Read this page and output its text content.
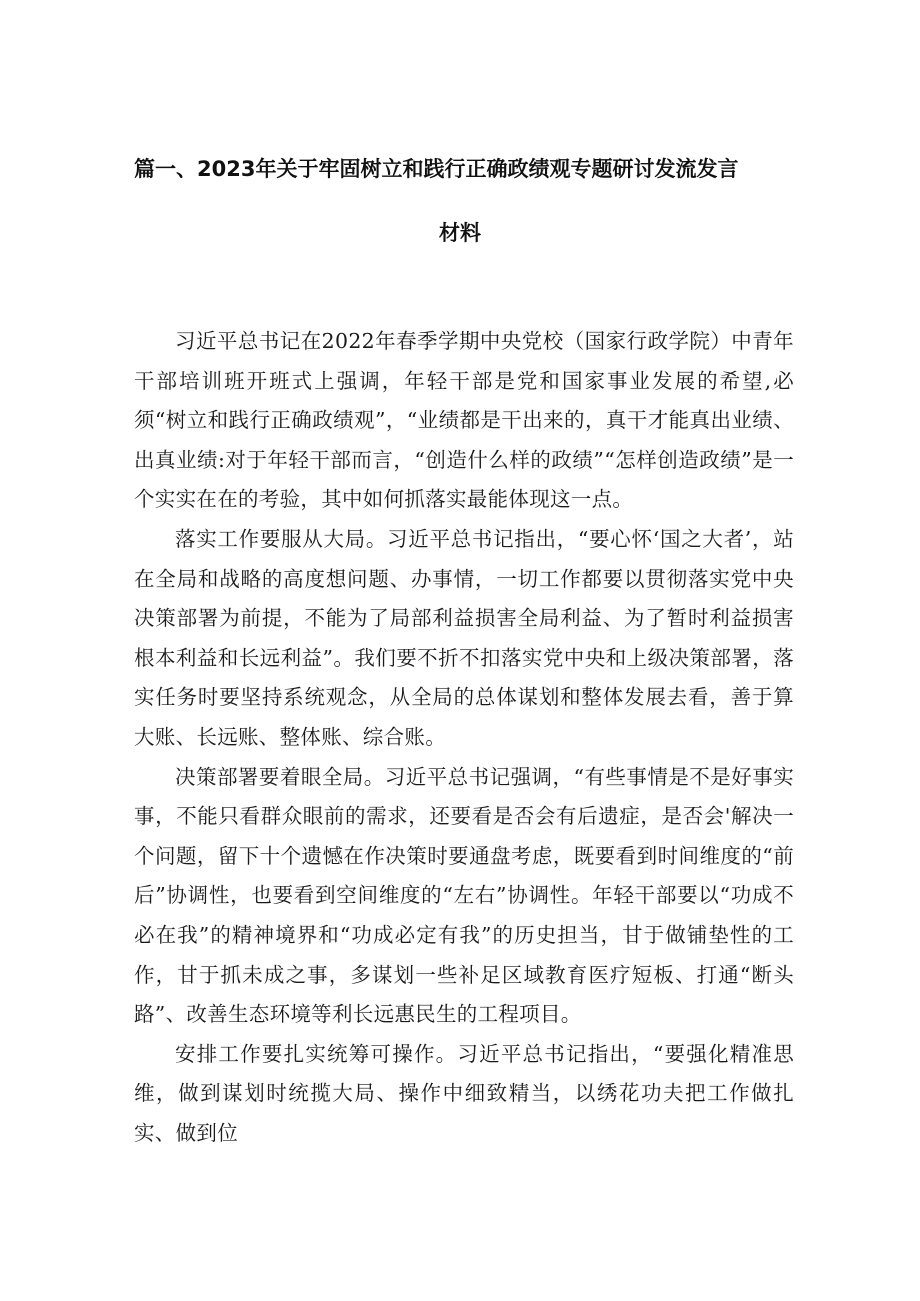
篇一、2023年关于牢固树立和践行正确政绩观专题研讨发流发言
材料

习近平总书记在2022年春季学期中央党校（国家行政学院）中青年干部培训班开班式上强调，年轻干部是党和国家事业发展的希望,必须“树立和践行正确政绩观”，“业绩都是干出来的，真干才能真出业绩、出真业绩:对于年轻干部而言，“创造什么样的政绩”“怎样创造政绩”是一个实实在在的考验，其中如何抓落实最能体现这一点。

落实工作要服从大局。习近平总书记指出，“要心怀‘国之大者’，站在全局和战略的高度想问题、办事情，一切工作都要以贯彻落实党中央决策部署为前提，不能为了局部利益损害全局利益、为了暂时利益损害根本利益和长远利益”。我们要不折不扣落实党中央和上级决策部署，落实任务时要坚持系统观念，从全局的总体谋划和整体发展去看，善于算大账、长远账、整体账、综合账。

决策部署要着眼全局。习近平总书记强调，“有些事情是不是好事实事，不能只看群众眼前的需求，还要看是否会有后遗症，是否会'解决一个问题，留下十个遗憾在作决策时要通盘考虑，既要看到时间维度的“前后”协调性，也要看到空间维度的“左右”协调性。年轻干部要以“功成不必在我”的精神境界和“功成必定有我”的历史担当，甘于做铺垫性的工作，甘于抓未成之事，多谋划一些补足区域教育医疗短板、打通“断头路”、改善生态环境等利长远惠民生的工程项目。

安排工作要扎实统筹可操作。习近平总书记指出，“要强化精准思维，做到谋划时统揽大局、操作中细致精当，以绣花功夫把工作做扎实、做到位
